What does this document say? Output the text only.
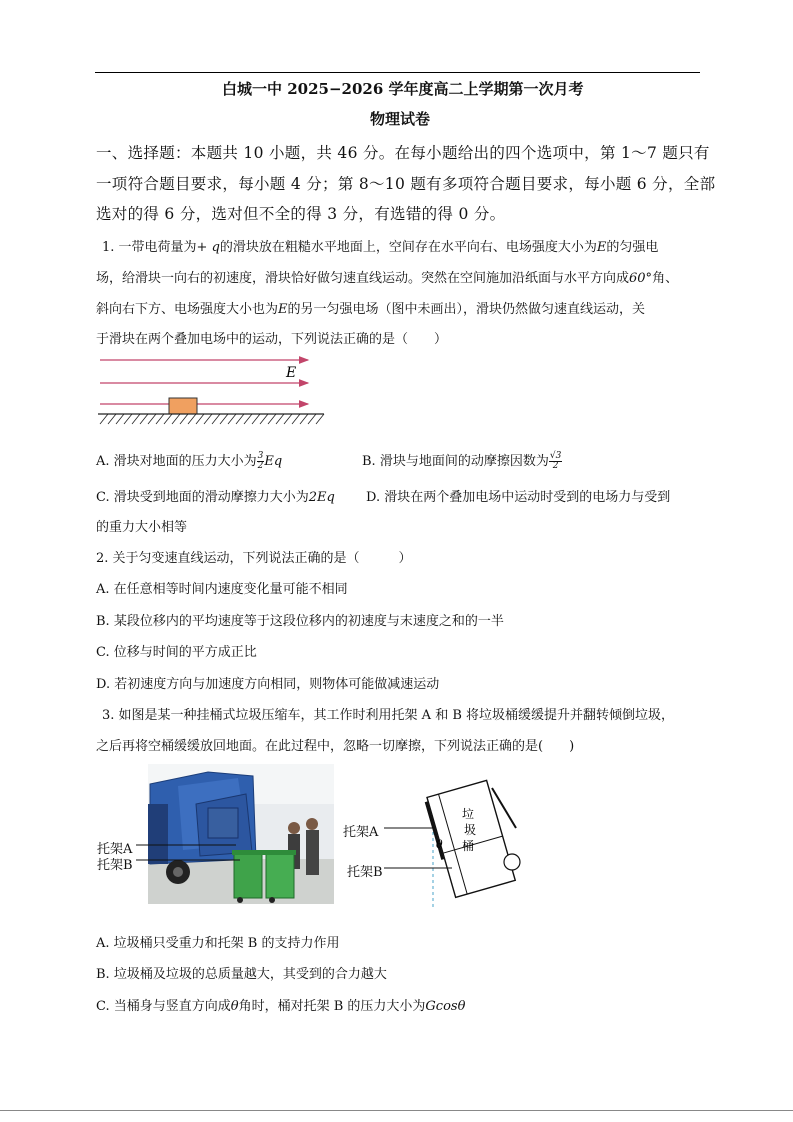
白城一中 2025−2026 学年度高二上学期第一次月考
物理试卷
一、选择题：本题共 10 小题，共 46 分。在每小题给出的四个选项中，第 1～7 题只有
一项符合题目要求，每小题 4 分；第 8～10 题有多项符合题目要求，每小题 6 分，全部
选对的得 6 分，选对但不全的得 3 分，有选错的得 0 分。
1. 一带电荷量为+ q的滑块放在粗糙水平地面上，空间存在水平向右、电场强度大小为E的匀强电
场，给滑块一向右的初速度，滑块恰好做匀速直线运动。突然在空间施加沿纸面与水平方向成60°角、
斜向右下方、电场强度大小也为E的另一匀强电场（图中未画出），滑块仍然做匀速直线运动，关
于滑块在两个叠加电场中的运动，下列说法正确的是（　　）
E
A. 滑块对地面的压力大小为 $\frac{3}{2}$ Eq	B. 滑块与地面间的动摩擦因数为 $\frac{√3}{2}$
C. 滑块受到地面的滑动摩擦力大小为2Eq D. 滑块在两个叠加电场中运动时受到的电场力与受到
的重力大小相等
2. 关于匀变速直线运动，下列说法正确的是（　　　）
A. 在任意相等时间内速度变化量可能不相同
B. 某段位移内的平均速度等于这段位移内的初速度与末速度之和的一半
C. 位移与时间的平方成正比
D. 若初速度方向与加速度方向相同，则物体可能做减速运动
3. 如图是某一种挂桶式垃圾压缩车，其工作时利用托架 A 和 B 将垃圾桶缓缓提升并翻转倾倒垃圾，
之后再将空桶缓缓放回地面。在此过程中，忽略一切摩擦，下列说法正确的是(　　)
托架A
托架B
垃
圾
桶
θ
托架A
托架B
A. 垃圾桶只受重力和托架 B 的支持力作用
B. 垃圾桶及垃圾的总质量越大，其受到的合力越大
C. 当桶身与竖直方向成θ角时，桶对托架 B 的压力大小为Gcosθ
